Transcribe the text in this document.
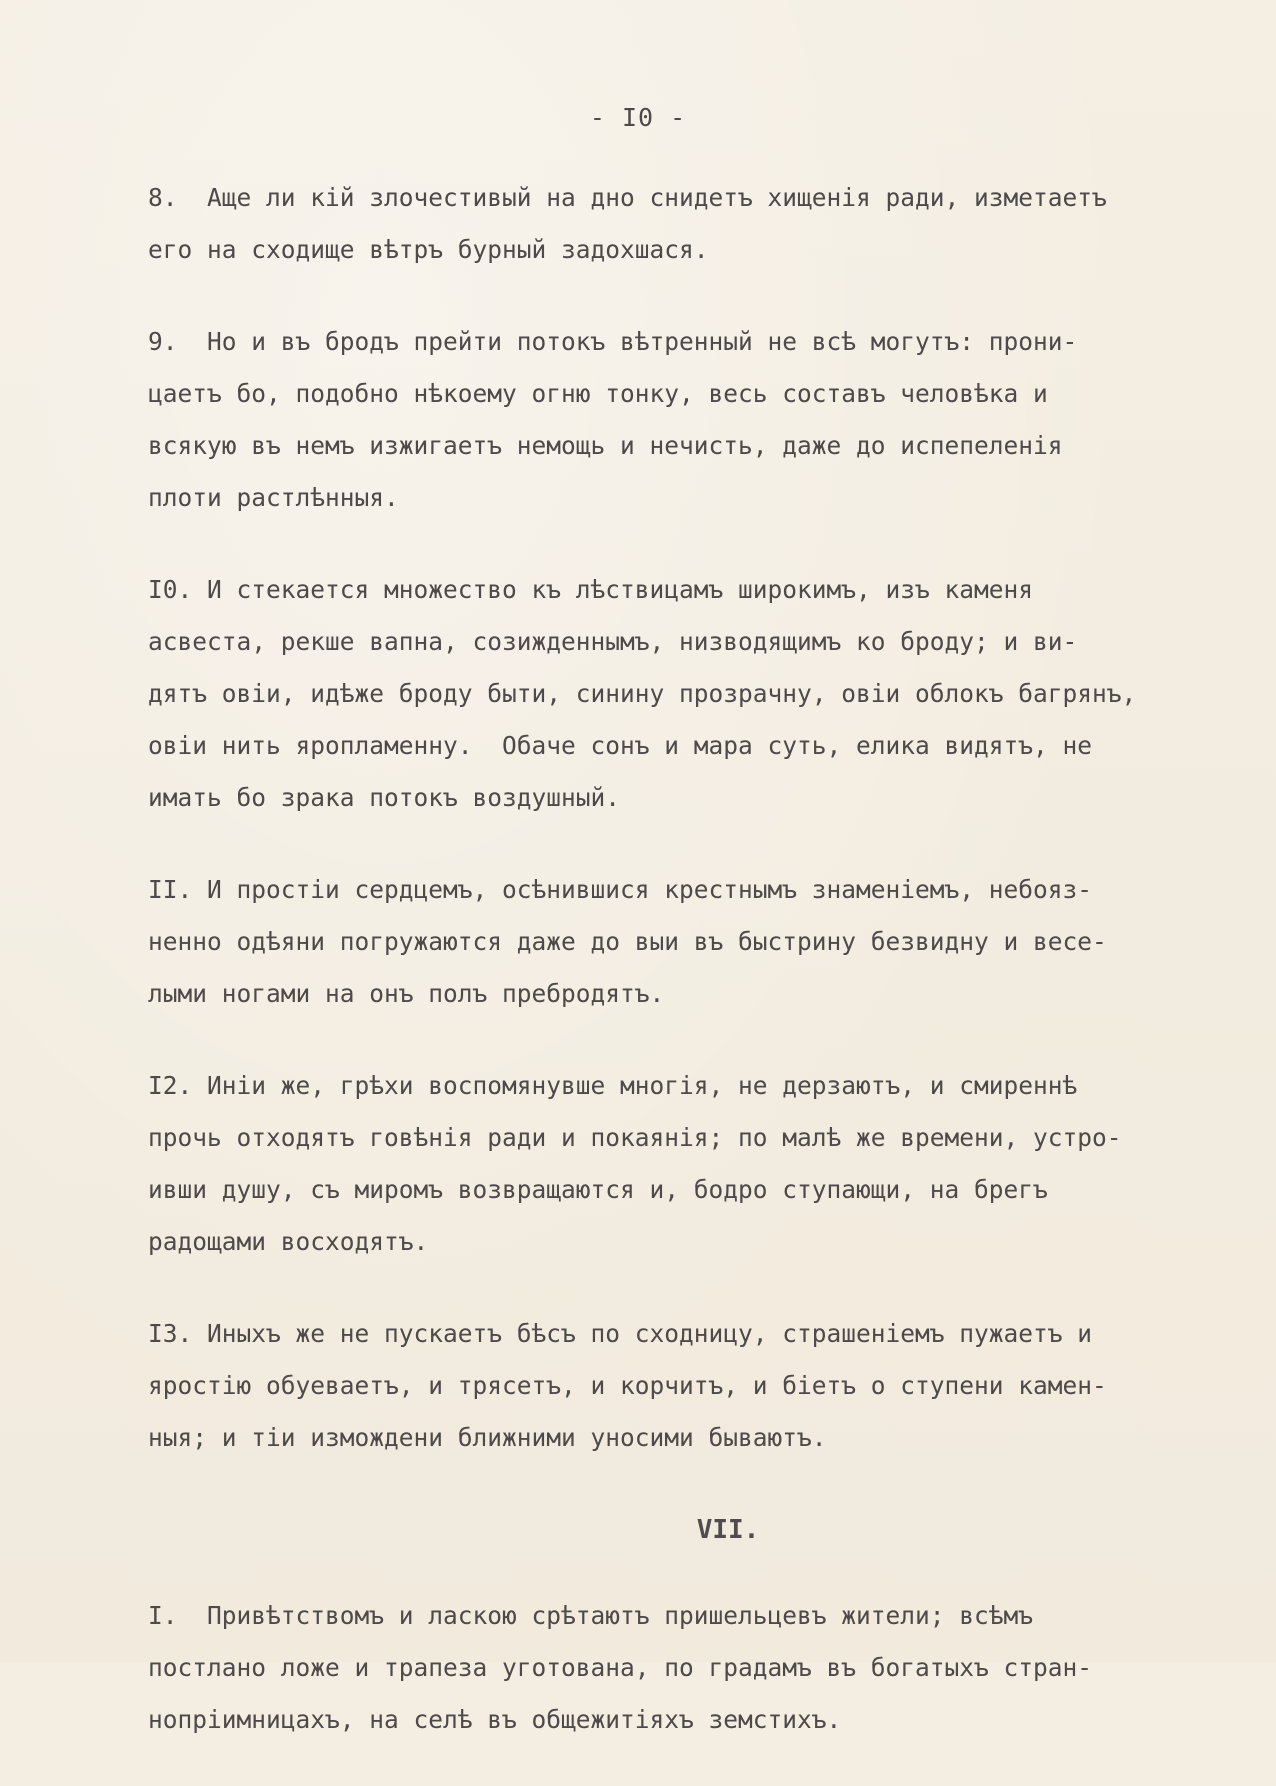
- I0 -
8.  Аще ли кій злочестивый на дно снидетъ хищенія ради, изметаетъ
его на сходище вѣтръ бурный задохшася.
9.  Но и въ бродъ прейти потокъ вѣтренный не всѣ могутъ: прони-
цаетъ бо, подобно нѣкоему огню тонку, весь составъ человѣка и
всякую въ немъ изжигаетъ немощь и нечисть, даже до испепеленія
плоти растлѣнныя.
I0. И стекается множество къ лѣствицамъ широкимъ, изъ каменя
асвеста, рекше вапна, созижденнымъ, низводящимъ ко броду; и ви-
дятъ овіи, идѣже броду быти, синину прозрачну, овіи облокъ багрянъ,
овіи нить яропламенну.  Обаче сонъ и мара суть, елика видятъ, не
имать бо зрака потокъ воздушный.
II. И простіи сердцемъ, осѣнившися крестнымъ знаменіемъ, небояз-
ненно одѣяни погружаются даже до выи въ быстрину безвидну и весе-
лыми ногами на онъ полъ пребродятъ.
I2. Иніи же, грѣхи воспомянувше многія, не дерзаютъ, и смиреннѣ
прочь отходятъ говѣнія ради и покаянія; по малѣ же времени, устро-
ивши душу, съ миромъ возвращаются и, бодро ступающи, на брегъ
радощами восходятъ.
I3. Иныхъ же не пускаетъ бѣсъ по сходницу, страшеніемъ пужаетъ и
яростію обуеваетъ, и трясетъ, и корчитъ, и біетъ о ступени камен-
ныя; и тіи измождени ближними уносими бываютъ.
VII.
I.  Привѣтствомъ и ласкою срѣтаютъ пришельцевъ жители; всѣмъ
постлано ложе и трапеза уготована, по градамъ въ богатыхъ стран-
нопріимницахъ, на селѣ въ общежитіяхъ земстихъ.
